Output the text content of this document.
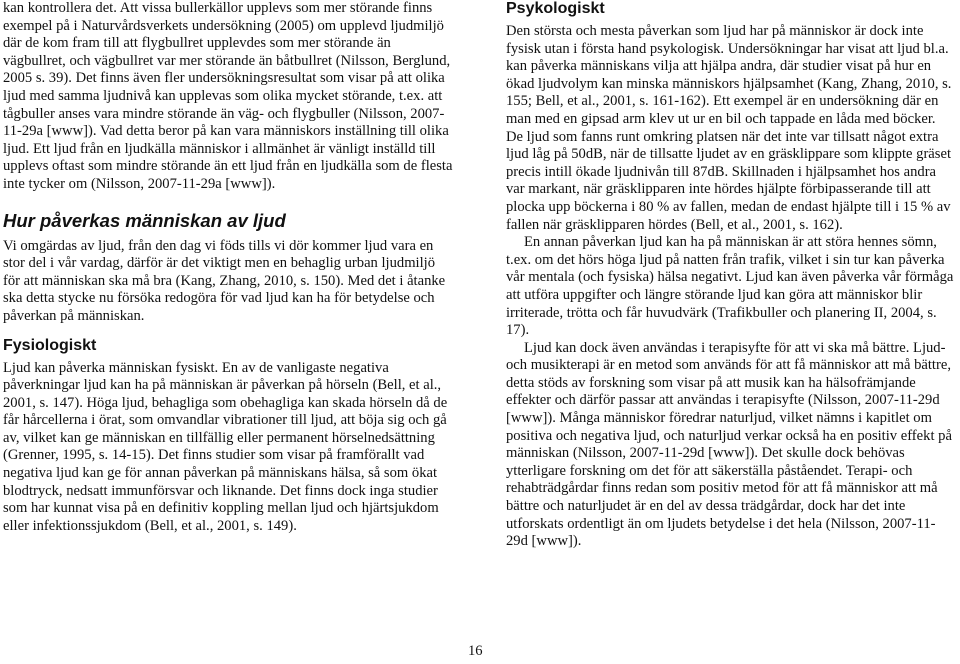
kan kontrollera det. Att vissa bullerkällor upplevs som mer störande finns exempel på i Naturvårdsverkets undersökning (2005) om upplevd ljudmiljö där de kom fram till att flygbullret upplevdes som mer störande än vägbullret, och vägbullret var mer störande än båtbullret (Nilsson, Berglund, 2005 s. 39). Det finns även fler undersökningsresultat som visar på att olika ljud med samma ljudnivå kan upplevas som olika mycket störande, t.ex. att tågbuller anses vara mindre störande än väg- och flygbuller (Nilsson, 2007-11-29a [www]). Vad detta beror på kan vara människors inställning till olika ljud. Ett ljud från en ljudkälla människor i allmänhet är vänligt inställd till upplevs oftast som mindre störande än ett ljud från en ljudkälla som de flesta inte tycker om (Nilsson, 2007-11-29a [www]).

Hur påverkas människan av ljud

Vi omgärdas av ljud, från den dag vi föds tills vi dör kommer ljud vara en stor del i vår vardag, därför är det viktigt men en behaglig urban ljudmiljö för att människan ska må bra (Kang, Zhang, 2010, s. 150). Med det i åtanke ska detta stycke nu försöka redogöra för vad ljud kan ha för betydelse och påverkan på människan.

Fysiologiskt

Ljud kan påverka människan fysiskt. En av de vanligaste negativa påverkningar ljud kan ha på människan är påverkan på hörseln (Bell, et al., 2001, s. 147). Höga ljud, behagliga som obehagliga kan skada hörseln då de får hårcellerna i örat, som omvandlar vibrationer till ljud, att böja sig och gå av, vilket kan ge människan en tillfällig eller permanent hörselnedsättning (Grenner, 1995, s. 14-15). Det finns studier som visar på framförallt vad negativa ljud kan ge för annan påverkan på människans hälsa, så som ökat blodtryck, nedsatt immunförsvar och liknande. Det finns dock inga studier som har kunnat visa på en definitiv koppling mellan ljud och hjärtsjukdom eller infektionssjukdom (Bell, et al., 2001, s. 149).

Psykologiskt

Den största och mesta påverkan som ljud har på människor är dock inte fysisk utan i första hand psykologisk. Undersökningar har visat att ljud bl.a. kan påverka människans vilja att hjälpa andra, där studier visat på hur en ökad ljudvolym kan minska människors hjälpsamhet (Kang, Zhang, 2010, s. 155; Bell, et al., 2001, s. 161-162). Ett exempel är en undersökning där en man med en gipsad arm klev ut ur en bil och tappade en låda med böcker. De ljud som fanns runt omkring platsen när det inte var tillsatt något extra ljud låg på 50dB, när de tillsatte ljudet av en gräsklippare som klippte gräset precis intill ökade ljudnivån till 87dB. Skillnaden i hjälpsamhet hos andra var markant, när gräsklipparen inte hördes hjälpte förbipasserande till att plocka upp böckerna i 80 % av fallen, medan de endast hjälpte till i 15 % av fallen när gräsklipparen hördes (Bell, et al., 2001, s. 162).

En annan påverkan ljud kan ha på människan är att störa hennes sömn, t.ex. om det hörs höga ljud på natten från trafik, vilket i sin tur kan påverka vår mentala (och fysiska) hälsa negativt. Ljud kan även påverka vår förmåga att utföra uppgifter och längre störande ljud kan göra att människor blir irriterade, trötta och får huvudvärk (Trafikbuller och planering II, 2004, s. 17).

Ljud kan dock även användas i terapisyfte för att vi ska må bättre. Ljud- och musikterapi är en metod som används för att få människor att må bättre, detta stöds av forskning som visar på att musik kan ha hälsofrämjande effekter och därför passar att användas i terapisyfte (Nilsson, 2007-11-29d [www]). Många människor föredrar naturljud, vilket nämns i kapitlet om positiva och negativa ljud, och naturljud verkar också ha en positiv effekt på människan (Nilsson, 2007-11-29d [www]). Det skulle dock behövas ytterligare forskning om det för att säkerställa påståendet. Terapi- och rehabträdgårdar finns redan som positiv metod för att få människor att må bättre och naturljudet är en del av dessa trädgårdar, dock har det inte utforskats ordentligt än om ljudets betydelse i det hela (Nilsson, 2007-11-29d [www]).

16
